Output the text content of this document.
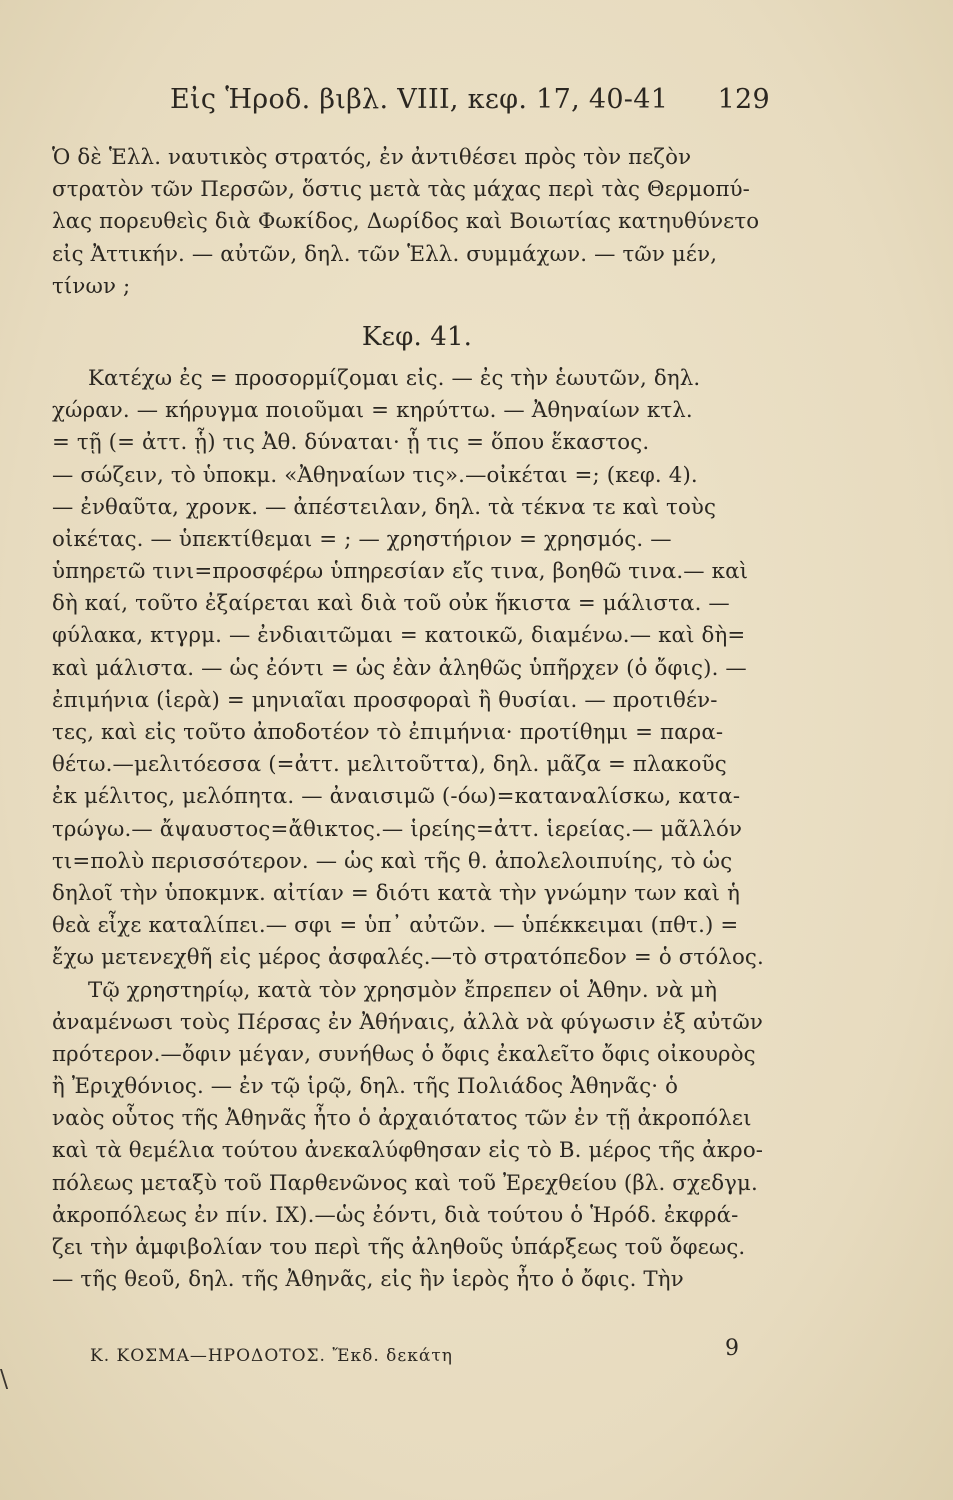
Εἰς Ἡροδ. βιβλ. VIII, κεφ. 17, 40-41 129
Ὁ δὲ Ἑλλ. ναυτικὸς στρατός, ἐν ἀντιθέσει πρὸς τὸν πεζὸν
στρατὸν τῶν Περσῶν, ὅστις μετὰ τὰς μάχας περὶ τὰς Θερμοπύ-
λας πορευθεὶς διὰ Φωκίδος, Δωρίδος καὶ Βοιωτίας κατηυθύνετο
εἰς Ἀττικήν. — αὐτῶν, δηλ. τῶν Ἑλλ. συμμάχων. — τῶν μέν,
τίνων ;
Κεφ. 41.
Κατέχω ἐς = προσορμίζομαι εἰς. — ἐς τὴν ἑωυτῶν, δηλ.
χώραν. — κήρυγμα ποιοῦμαι = κηρύττω. — Ἀθηναίων κτλ.
= τῇ (= ἀττ. ᾗ) τις Ἀθ. δύναται· ᾗ τις = ὅπου ἕκαστος.
— σώζειν, τὸ ὑποκμ. «Ἀθηναίων τις».—οἰκέται =; (κεφ. 4).
— ἐνθαῦτα, χρονκ. — ἀπέστειλαν, δηλ. τὰ τέκνα τε καὶ τοὺς
οἰκέτας. — ὑπεκτίθεμαι = ; — χρηστήριον = χρησμός. —
ὑπηρετῶ τινι=προσφέρω ὑπηρεσίαν εἴς τινα, βοηθῶ τινα.— καὶ
δὴ καί, τοῦτο ἐξαίρεται καὶ διὰ τοῦ οὐκ ἥκιστα = μάλιστα. —
φύλακα, κτγρμ. — ἐνδιαιτῶμαι = κατοικῶ, διαμένω.— καὶ δὴ=
καὶ μάλιστα. — ὡς ἐόντι = ὡς ἐὰν ἀληθῶς ὑπῆρχεν (ὁ ὄφις). —
ἐπιμήνια (ἱερὰ) = μηνιαῖαι προσφοραὶ ἢ θυσίαι. — προτιθέν-
τες, καὶ εἰς τοῦτο ἀποδοτέον τὸ ἐπιμήνια· προτίθημι = παρα-
θέτω.—μελιτόεσσα (=ἀττ. μελιτοῦττα), δηλ. μᾶζα = πλακοῦς
ἐκ μέλιτος, μελόπητα. — ἀναισιμῶ (-όω)=καταναλίσκω, κατα-
τρώγω.— ἄψαυστος=ἄθικτος.— ἱρείης=ἀττ. ἱερείας.— μᾶλλόν
τι=πολὺ περισσότερον. — ὡς καὶ τῆς θ. ἀπολελοιπυίης, τὸ ὡς
δηλοῖ τὴν ὑποκμνκ. αἰτίαν = διότι κατὰ τὴν γνώμην των καὶ ἡ
θεὰ εἶχε καταλίπει.— σφι = ὑπ᾿ αὐτῶν. — ὑπέκκειμαι (πθτ.) =
ἔχω μετενεχθῆ εἰς μέρος ἀσφαλές.—τὸ στρατόπεδον = ὁ στόλος.
Τῷ χρηστηρίῳ, κατὰ τὸν χρησμὸν ἔπρεπεν οἱ Ἀθην. νὰ μὴ
ἀναμένωσι τοὺς Πέρσας ἐν Ἀθήναις, ἀλλὰ νὰ φύγωσιν ἐξ αὐτῶν
πρότερον.—ὄφιν μέγαν, συνήθως ὁ ὄφις ἐκαλεῖτο ὄφις οἰκουρὸς
ἢ Ἐριχθόνιος. — ἐν τῷ ἱρῷ, δηλ. τῆς Πολιάδος Ἀθηνᾶς· ὁ
ναὸς οὗτος τῆς Ἀθηνᾶς ἦτο ὁ ἀρχαιότατος τῶν ἐν τῇ ἀκροπόλει
καὶ τὰ θεμέλια τούτου ἀνεκαλύφθησαν εἰς τὸ Β. μέρος τῆς ἀκρο-
πόλεως μεταξὺ τοῦ Παρθενῶνος καὶ τοῦ Ἐρεχθείου (βλ. σχεδγμ.
ἀκροπόλεως ἐν πίν. IX).—ὡς ἐόντι, διὰ τούτου ὁ Ἡρόδ. ἐκφρά-
ζει τὴν ἀμφιβολίαν του περὶ τῆς ἀληθοῦς ὑπάρξεως τοῦ ὄφεως.
— τῆς θεοῦ, δηλ. τῆς Ἀθηνᾶς, εἰς ἣν ἱερὸς ἦτο ὁ ὄφις. Τὴν
Κ. ΚΟΣΜΑ—ΗΡΟΔΟΤΟΣ. Ἔκδ. δεκάτη	9
\
